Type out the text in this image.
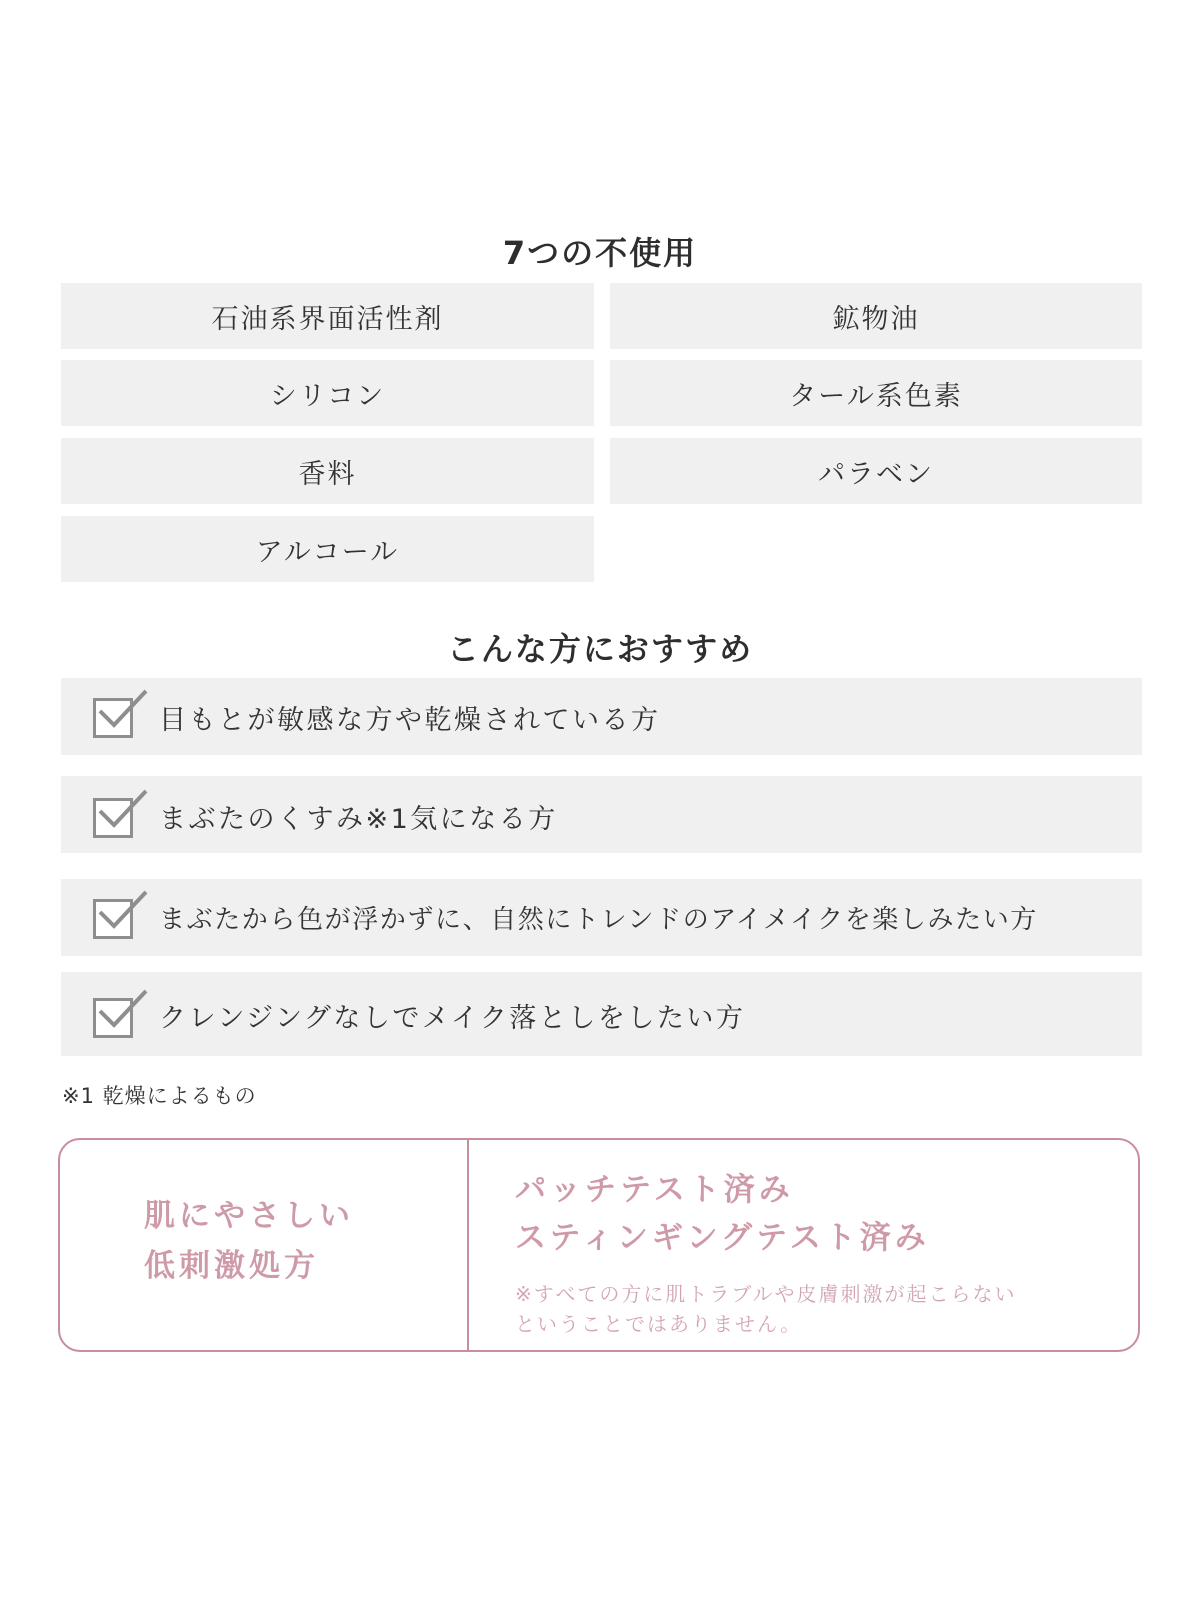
7つの不使用
石油系界面活性剤	鉱物油
シリコン	タール系色素
香料	パラベン
アルコール
こんな方におすすめ
目もとが敏感な方や乾燥されている方
まぶたのくすみ※1気になる方
まぶたから色が浮かずに、自然にトレンドのアイメイクを楽しみたい方
クレンジングなしでメイク落としをしたい方
※1 乾燥によるもの
肌にやさしい
低刺激処方
パッチテスト済み
スティンギングテスト済み
※すべての方に肌トラブルや皮膚刺激が起こらない
ということではありません。
